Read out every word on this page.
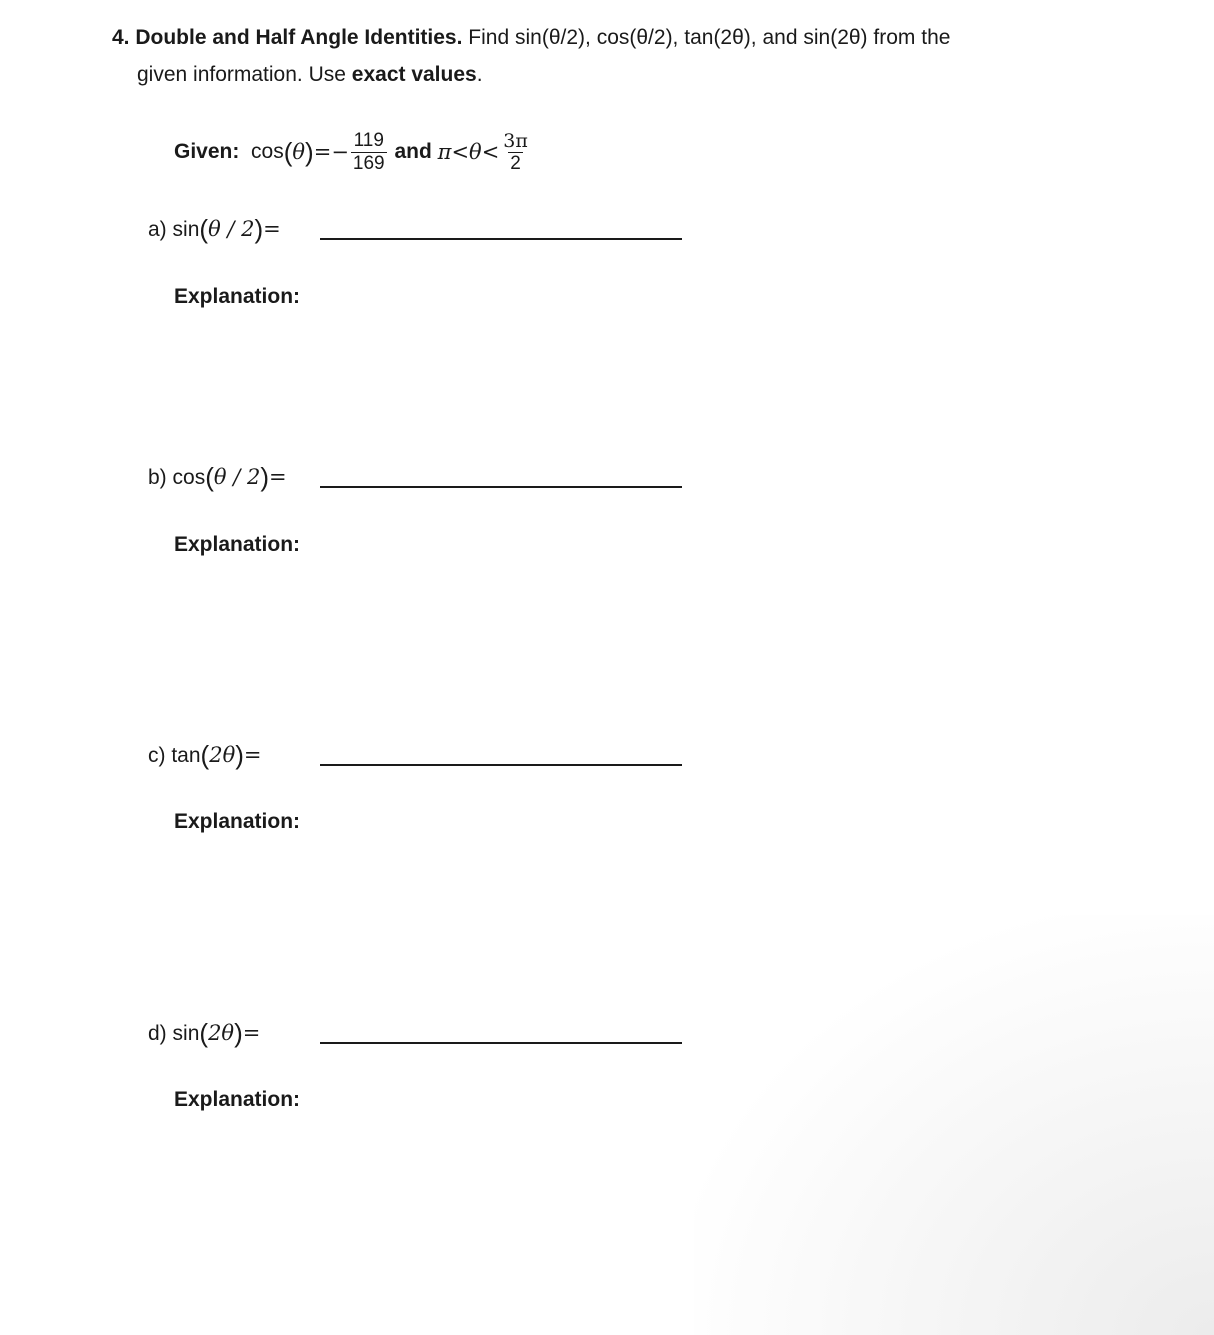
4. Double and Half Angle Identities. Find sin(θ/2), cos(θ/2), tan(2θ), and sin(2θ) from the
given information. Use exact values.
Given:
cos ( θ ) =− $\frac{119}{169}$
and
$\pi<\theta< \frac{3\pi}{2}$
a) sin(θ / 2)=
Explanation:
b) cos(θ / 2)=
Explanation:
c) tan(2θ)=
Explanation:
d) sin(2θ)=
Explanation:
